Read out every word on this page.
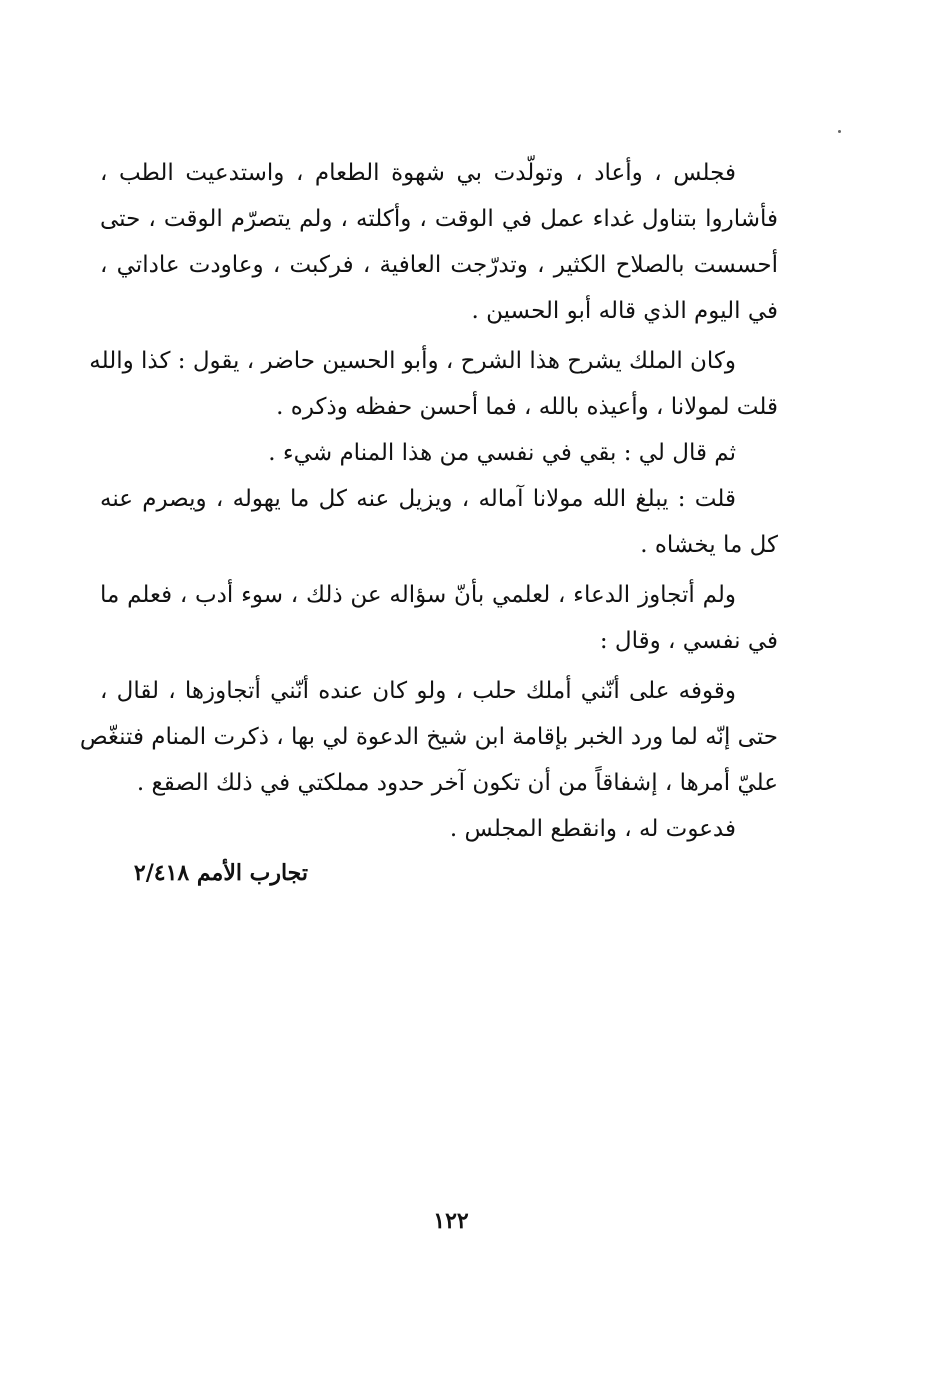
فجلس ، وأعاد ، وتولّدت بي شهوة الطعام ، واستدعيت الطب ،
فأشاروا بتناول غداء عمل في الوقت ، وأكلته ، ولم يتصرّم الوقت ، حتى
أحسست بالصلاح الكثير ، وتدرّجت العافية ، فركبت ، وعاودت عاداتي ،
في اليوم الذي قاله أبو الحسين .
وكان الملك يشرح هذا الشرح ، وأبو الحسين حاضر ، يقول : كذا والله
قلت لمولانا ، وأعيذه بالله ، فما أحسن حفظه وذكره .
ثم قال لي : بقي في نفسي من هذا المنام شيء .
قلت : يبلغ الله مولانا آماله ، ويزيل عنه كل ما يهوله ، ويصرم عنه
كل ما يخشاه .
ولم أتجاوز الدعاء ، لعلمي بأنّ سؤاله عن ذلك ، سوء أدب ، فعلم ما
في نفسي ، وقال :
وقوفه على أنّني أملك حلب ، ولو كان عنده أنّني أتجاوزها ، لقال ،
حتى إنّه لما ورد الخبر بإقامة ابن شيخ الدعوة لي بها ، ذكرت المنام فتنغّص
عليّ أمرها ، إشفاقاً من أن تكون آخر حدود مملكتي في ذلك الصقع .
فدعوت له ، وانقطع المجلس .
تجارب الأمم ٢/٤١٨
١٢٢
